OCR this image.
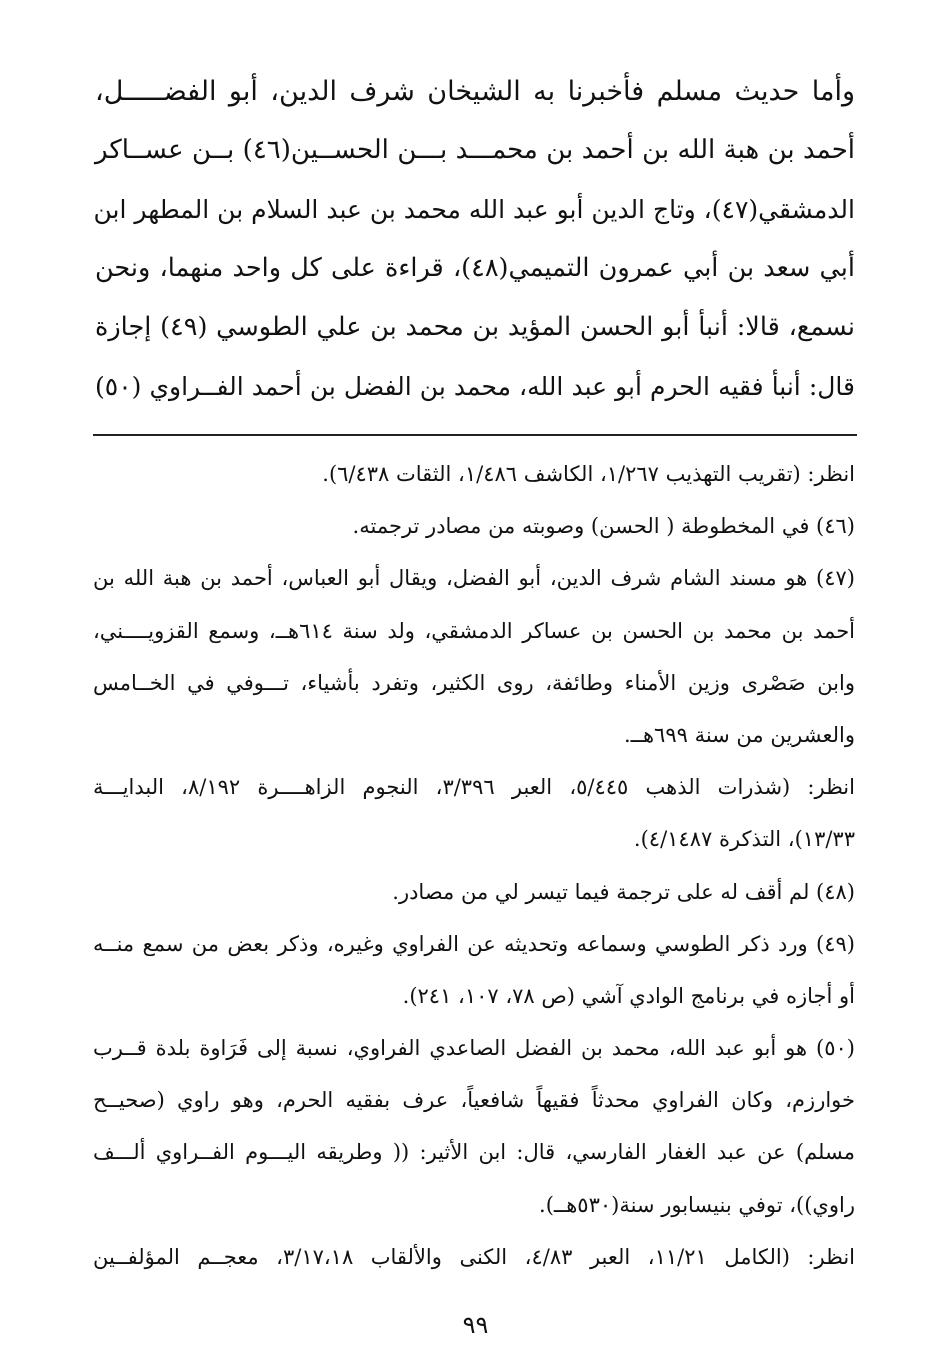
وأما حديث مسلم فأخبرنا به الشيخان شرف الدين، أبو الفضـــــل،
أحمد بن هبة الله بن أحمد بن محمـــد بـــن الحســين(٤٦) بــن عســاكر
الدمشقي(٤٧)، وتاج الدين أبو عبد الله محمد بن عبد السلام بن المطهر ابن
أبي سعد بن أبي عمرون التميمي(٤٨)، قراءة على كل واحد منهما، ونحن
نسمع، قالا: أنبأ أبو الحسن المؤيد بن محمد بن علي الطوسي (٤٩) إجازة
قال: أنبأ فقيه الحرم أبو عبد الله، محمد بن الفضل بن أحمد الفــراوي (٥٠)
انظر: (تقريب التهذيب ١/٢٦٧، الكاشف ١/٤٨٦، الثقات ٦/٤٣٨).
(٤٦) في المخطوطة ( الحسن) وصوبته من مصادر ترجمته.
(٤٧) هو مسند الشام شرف الدين، أبو الفضل، ويقال أبو العباس، أحمد بن هبة الله بن
أحمد بن محمد بن الحسن بن عساكر الدمشقي، ولد سنة ٦١٤هــ، وسمع القزويــــني،
وابن صَصْرى وزين الأمناء وطائفة، روى الكثير، وتفرد بأشياء، تـــوفي في الخــامس
والعشرين من سنة ٦٩٩هــ.
انظر: (شذرات الذهب ٥/٤٤٥، العبر ٣/٣٩٦، النجوم الزاهــــرة ٨/١٩٢، البدايـــة
١٣/٣٣)، التذكرة ٤/١٤٨٧).
(٤٨) لم أقف له على ترجمة فيما تيسر لي من مصادر.
(٤٩) ورد ذكر الطوسي وسماعه وتحديثه عن الفراوي وغيره، وذكر بعض من سمع منــه
أو أجازه في برنامج الوادي آشي (ص ٧٨، ١٠٧، ٢٤١).
(٥٠) هو أبو عبد الله، محمد بن الفضل الصاعدي الفراوي، نسبة إلى فَرَاوة بلدة قــرب
خوارزم، وكان الفراوي محدثاً فقيهاً شافعياً، عرف بفقيه الحرم، وهو راوي (صحيــح
مسلم) عن عبد الغفار الفارسي، قال: ابن الأثير: (( وطريقه اليـــوم الفــراوي ألـــف
راوي))، توفي بنيسابور سنة(٥٣٠هــ).
انظر: (الكامل ١١/٢١، العبر ٤/٨٣، الكنى والألقاب ٣/١٧،١٨، معجــم المؤلفــين
٩٩
